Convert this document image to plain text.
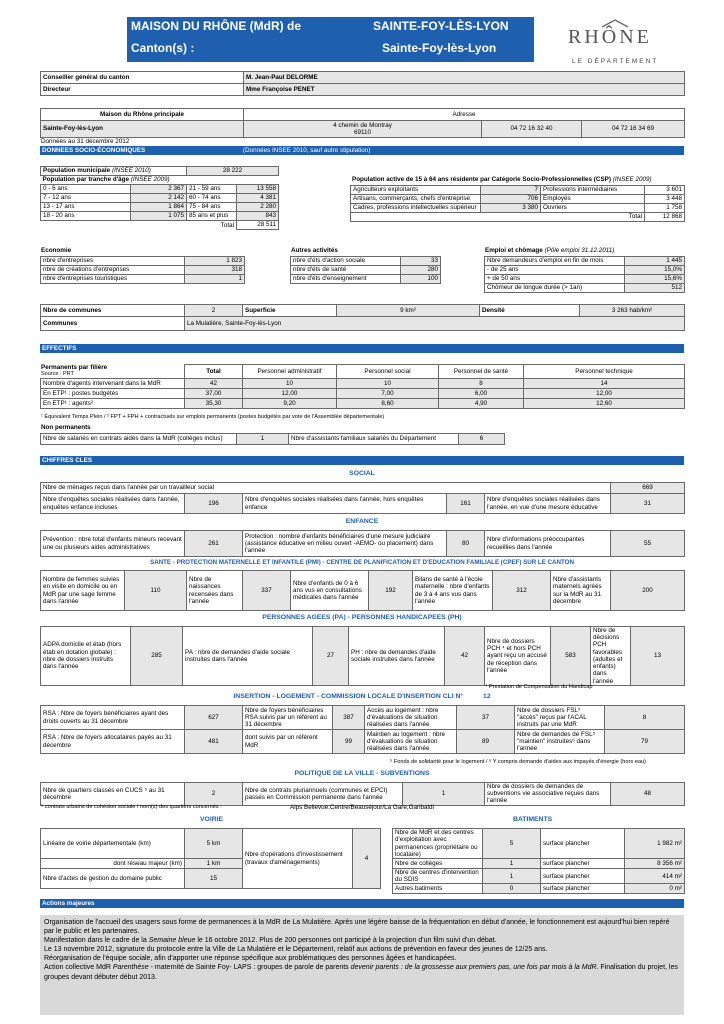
MAISON DU RHÔNE (MdR) de
Canton(s) :
SAINTE-FOY-LÈS-LYON
Sainte-Foy-lès-Lyon	RHÔNE
LE DÉPARTEMENT
Conseiller général du canton	M. Jean-Paul DELORME
Directeur	Mme Françoise PENET
Maison du Rhône principale	Adresse		
Sainte-Foy-lès-Lyon	4 chemin de Montray
69110	04 72 16 32 40	04 72 16 34 69
Données au 31 décembre 2012
DONNEES SOCIO-ÉCONOMIQUES	(Données INSEE 2010, sauf autre stipulation)
Population municipale (INSEE 2010)		28 222	
Population par tranche d'âge (INSEE 2009)			
0 - 6 ans	2 367	21 - 59 ans	13 558
7 - 12 ans	2 142	60 - 74 ans	4 381
13 - 17 ans	1 864	75 - 84 ans	2 280
18 - 20 ans	1 075	85 ans et plus	843
Total			28 511
Population active de 15 à 64 ans résidente par Catégorie Socio-Professionnelles (CSP) (INSEE 2009)
Agriculteurs exploitants	7	Professions intermédiaires	3 601
Artisans, commerçants, chefs d'entreprise	706	Employés	3 448
Cadres, professions intellectuelles supérieur	3 380	Ouvriers	1 758
Total			12 868
Economie
nbre d'entreprises	1 823
nbre de créations d'entreprises	318
nbre d'entreprises touristiques	1
Autres activités
nbre d'éts d'action sociale	33
nbre d'éts de santé	280
nbre d'éts d'enseignement	100
Emploi et chômage (Pôle emploi 31.12.2011)
Nbre demandeurs d'emploi en fin de mois	1 445
- de 25 ans	15,0%
+ de 50 ans	15,6%
Chômeur de longue durée (> 1an)	512
Nbre de communes	2	Superficie	9 km²	Densité	3 263 hab/km²
Communes	La Mulatière, Sainte-Foy-lès-Lyon				
EFFECTIFS
Permanents par filière
Source : PRT
		Total	Personnel administratif	Personnel social	Personnel de santé	Personnel technique
Nombre d'agents intervenant dans la MdR	42	10	10	8	14
En ETP¹ : postes budgétés	37,00	12,00	7,00	6,00	12,00
En ETP¹ : agents²	35,30	9,20	8,60	4,90	12,60
¹ Équivalent Temps Plein / ² FPT + FPH + contractuels sur emplois permanents (postes budgétés par vote de l'Assemblée départementale)
Non permanents
Nbre de salariés en contrats aidés dans la MdR (collèges inclus)	1	Nbre d'assistants familiaux salariés du Département	6	
CHIFFRES CLES
SOCIAL
Nbre de ménages reçus dans l'année par un travailleur social					669
Nbre d'enquêtes sociales réalisées dans l'année, enquêtes enfance incluses	196	Nbre d'enquêtes sociales réalisées dans l'année, hors enquêtes enfance	161	Nbre d'enquêtes sociales réalisées dans l'année, en vue d'une mesure éducative	31
ENFANCE
Prévention : nbre total d'enfants mineurs recevant une ou plusieurs aides administratives	261	Protection : nombre d'enfants bénéficiaires d'une mesure judiciaire (assistance éducative en milieu ouvert -AEMO- ou placement) dans l'année	80	Nbre d'informations préoccupantes recueillies dans l'année	55
SANTE - PROTECTION MATERNELLE ET INFANTILE (PMI) - CENTRE DE PLANIFICATION ET D'EDUCATION FAMILIALE (CPEF) SUR LE CANTON
Nombre de femmes suivies en visite en domicile ou en MdR par une sage femme dans l'année	110	Nbre de naissances recensées dans l'année	337	Nbre d'enfants de 0 à 6 ans vus en consultations médicales dans l'année	192	Bilans de santé à l'école maternelle : nbre d'enfants de 3 à 4 ans vus dans l'année	312	Nbre d'assistants maternels agréés sur la MdR au 31 décembre	200
PERSONNES AGEES (PA) - PERSONNES HANDICAPEES (PH)
ADPA domicile et étab (hors étab en dotation globale) : nbre de dossiers instruits dans l'année	285	PA : nbre de demandes d'aide sociale instruites dans l'année	27	PH : nbre de demandes d'aide sociale instruites dans l'année	42	Nbre de dossiers PCH ⁴ et hors PCH ayant reçu un accusé de réception dans l'année	583	Nbre de décisions PCH favorables (adultes et enfants) dans l'année	13
⁴ Prestation de Compensation du Handicap
INSERTION - LOGEMENT - COMMISSION LOCALE D'INSERTION CLI N°	12
RSA : Nbre de foyers bénéficiaires ayant des droits ouverts au 31 décembre	627	Nbre de foyers bénéficiaires RSA suivis par un référent au 31 décembre	387	Accès au logement : nbre d'évaluations de situation réalisées dans l'année	37	Nbre de dossiers FSL⁵ "accès" reçus par l'ACAL instruits par une MdR	8
RSA : Nbre de foyers allocataires payés au 31 décembre	481	dont suivis par un référent MdR	99	Maintien au logement : nbre d'évaluations de situation réalisées dans l'année	89	Nbre de demandes de FSL⁵ "maintien" instruites⁶ dans l'année	79
⁵ Fonds de solidarité pour le logement / ⁶ Y compris demande d'aides aux impayés d'énergie (hors eau)
POLITIQUE DE LA VILLE - SUBVENTIONS
Nbre de quartiers classés en CUCS ⁵ au 31 décembre	2	Nbre de contrats pluriannuels (communes et EPCI) passés en Commission permanente dans l'année	1	Nbre de dossiers de demandes de subventions vie associative reçues dans l'année	48
⁵ contrats urbains de cohésion sociale / nom(s) des quartiers concernés :	Alps Bellevue,Centre/Beauséjour/La Gare,Garibaldi
VOIRIE	BATIMENTS
Linéaire de voirie départementale (km)	5 km	Nbre d'opérations d'investissement (travaux d'aménagements)	4
dont réseau majeur (km)	1 km		
Nbre d'actes de gestion du domaine public	15		
Nbre de MdR et des centres d'exploitation avec permanences (propriétaire ou locataire)	5	surface plancher	1 982 m²
Nbre de collèges	1	surface plancher	8 356 m²
Nbre de centres d'intervention du SDIS	1	surface plancher	414 m²
Autres batiments	0	surface plancher	0 m²
Actions majeures

Organisation de l'accueil des usagers sous forme de permanences à la MdR de La Mulatière. Après une légère baisse de la fréquentation en début d'année, le fonctionnement est aujourd'hui bien repéré par le public et les partenaires.

Manifestation dans le cadre de la Semaine bleue le 16 octobre 2012. Plus de 200 personnes ont participé à la projection d'un film suivi d'un débat.

Le 13 novembre 2012, signature du protocole entre la Ville de La Mulatière et le Département, relatif aux actions de prévention en faveur des jeunes de 12/25 ans.

Réorganisation de l'équipe sociale, afin d'apporter une réponse spécifique aux problématiques des personnes âgées et handicapées.

Action collective MdR Parenthèse - maternité de Sainte Foy- LAPS : groupes de parole de parents devenir parents : de la grossesse aux premiers pas, une fois par mois à la MdR. Finalisation du projet, les groupes devant débuter début 2013.
